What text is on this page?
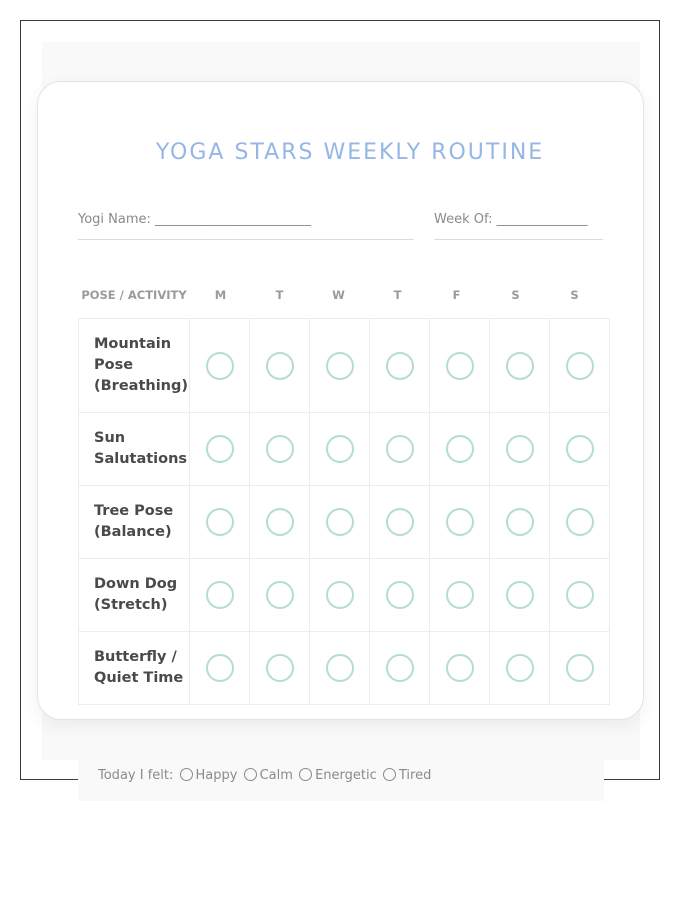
YOGA STARS WEEKLY ROUTINE
Yogi Name: ________________________	Week Of: ______________
POSE / ACTIVITY	M	T	W	T	F	S	S
Mountain
Pose
(Breathing)							

Sun
Salutations							

Tree Pose
(Balance)							

Down Dog
(Stretch)							

Butterfly /
Quiet Time							

Today I felt: Happy Calm Energetic Tired
